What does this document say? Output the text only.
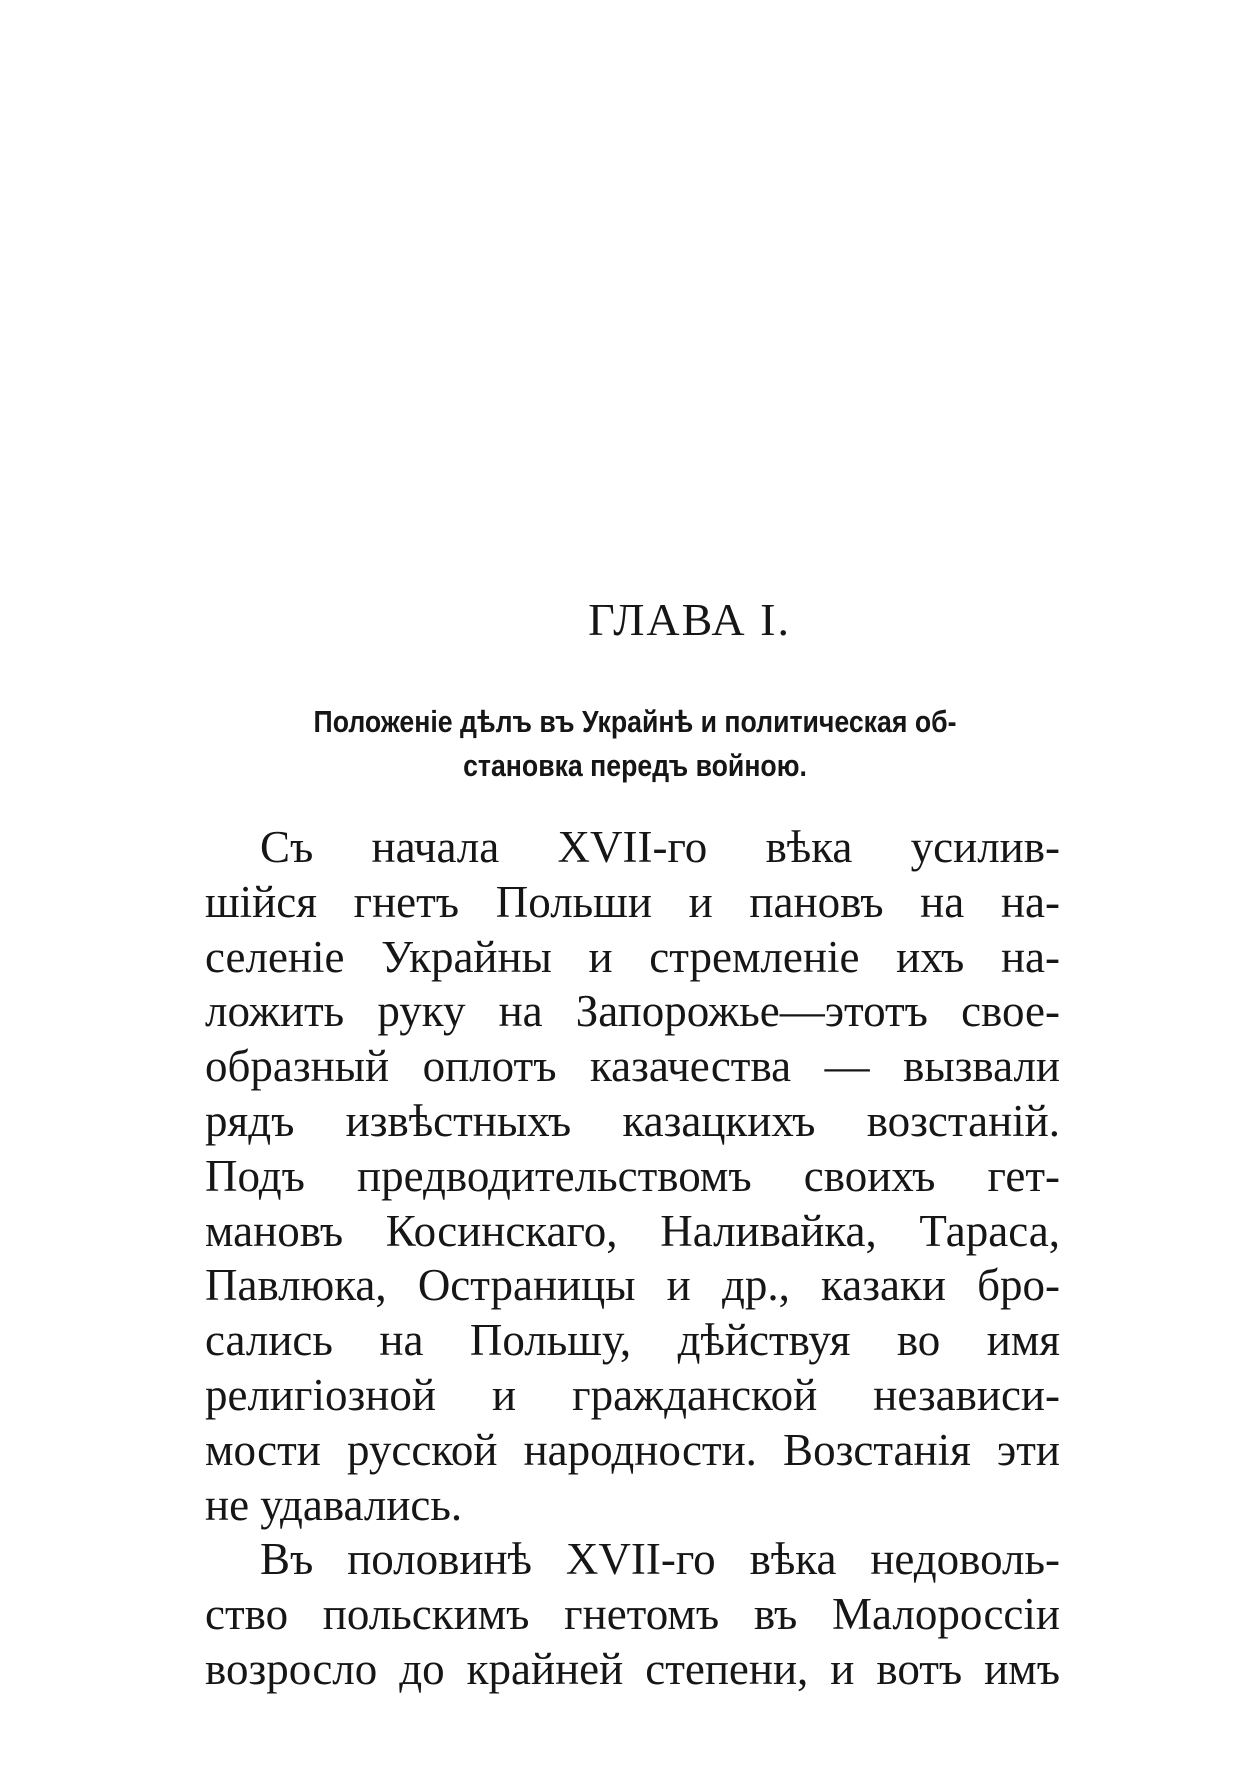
ГЛАВА I.
Положеніе дѣлъ въ Украйнѣ и политическая об-
становка передъ войною.
Съ начала XVII-го вѣка усилив-
шійся гнетъ Польши и пановъ на на-
селеніе Украйны и стремленіе ихъ на-
ложить руку на Запорожье—этотъ свое-
образный оплотъ казачества — вызвали
рядъ извѣстныхъ казацкихъ возстаній.
Подъ предводительствомъ своихъ гет-
мановъ Косинскаго, Наливайка, Тараса,
Павлюка, Остраницы и др., казаки бро-
сались на Польшу, дѣйствуя во имя
религіозной и гражданской независи-
мости русской народности. Возстанія эти
не удавались.
Въ половинѣ XVII-го вѣка недоволь-
ство польскимъ гнетомъ въ Малороссіи
возросло до крайней степени, и вотъ имъ
